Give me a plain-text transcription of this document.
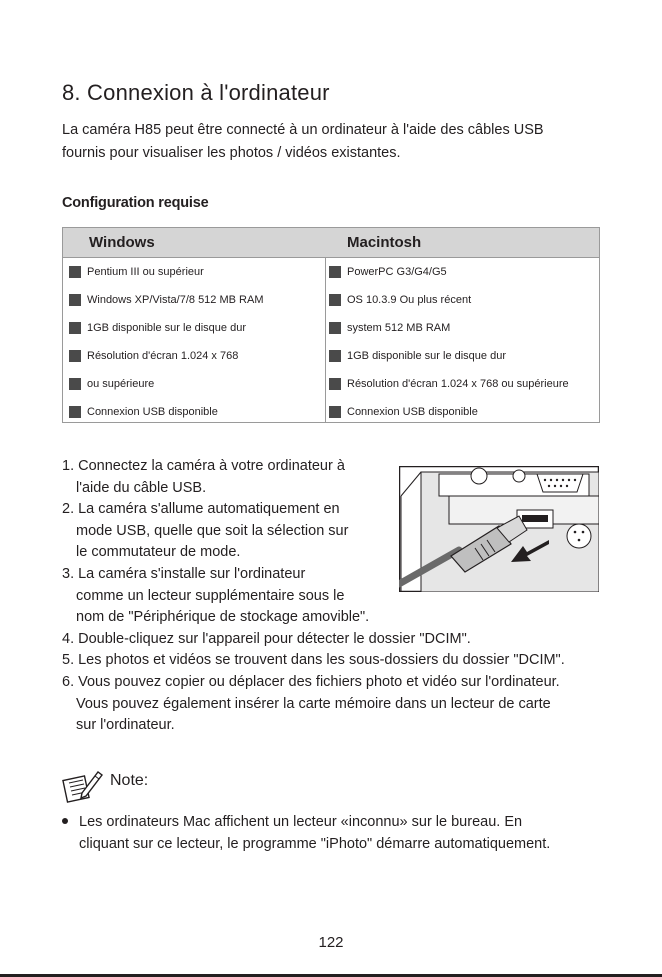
8. Connexion à l'ordinateur
La caméra H85 peut être connecté à un ordinateur à l'aide des câbles USB
fournis pour visualiser les photos / vidéos existantes.
Configuration requise
Windows
Pentium III ou supérieur
Windows XP/Vista/7/8 512 MB RAM
1GB disponible sur le disque dur
Résolution d'écran 1.024 x 768
ou supérieure
Connexion USB disponible
Macintosh
PowerPC G3/G4/G5
OS 10.3.9 Ou plus récent
system 512 MB RAM
1GB disponible sur le disque dur
Résolution d'écran 1.024 x 768 ou supérieure
Connexion USB disponible
1. Connectez la caméra à votre ordinateur à
l'aide du câble USB.
2. La caméra s'allume automatiquement en
mode USB, quelle que soit la sélection sur
le commutateur de mode.
3. La caméra s'installe sur l'ordinateur
comme un lecteur supplémentaire sous le
nom de "Périphérique de stockage amovible".
4. Double-cliquez sur l'appareil pour détecter le dossier "DCIM".
5. Les photos et vidéos se trouvent dans les sous-dossiers du dossier "DCIM".
6. Vous pouvez copier ou déplacer des fichiers photo et vidéo sur l'ordinateur.
Vous pouvez également insérer la carte mémoire dans un lecteur de carte
sur l'ordinateur.
Note:
Les ordinateurs Mac affichent un lecteur «inconnu» sur le bureau. En
cliquant sur ce lecteur, le programme "iPhoto" démarre automatiquement.
122
